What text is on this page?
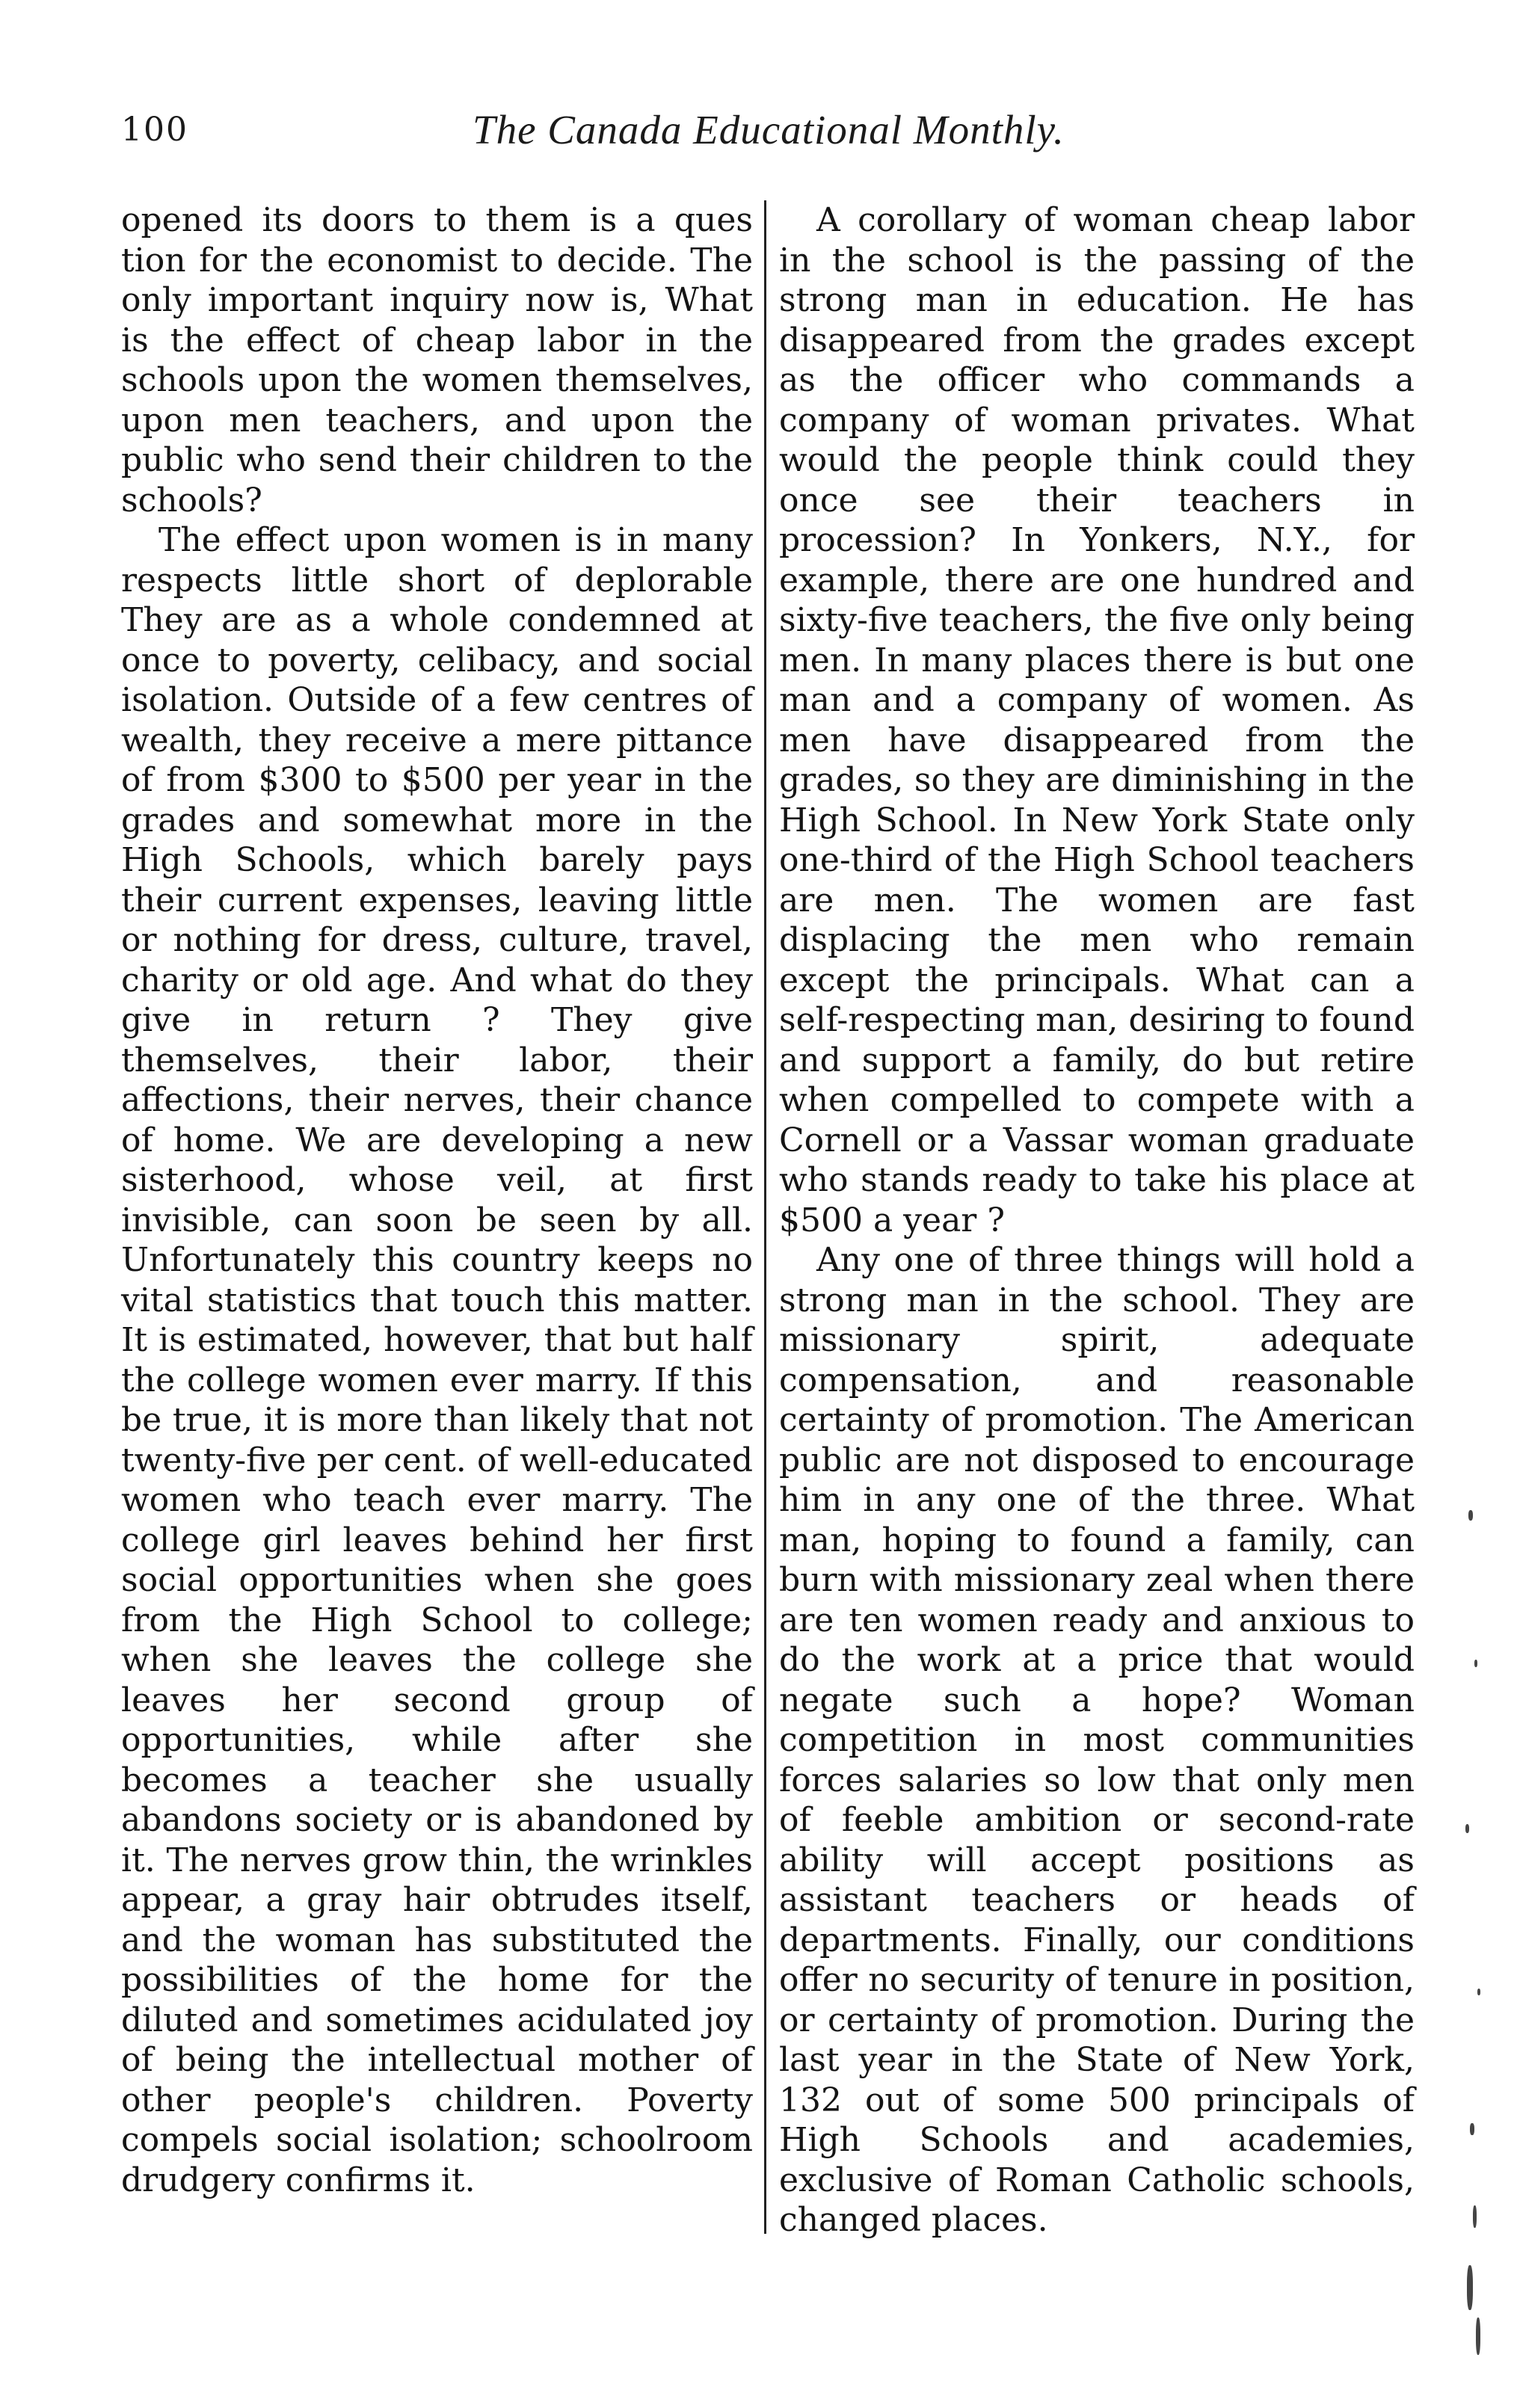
100	The Canada Educational Monthly.

opened its doors to them is a ques tion for the economist to decide. The only important inquiry now is, What is the effect of cheap labor in the schools upon the women themselves, upon men teachers, and upon the public who send their children to the schools?

The effect upon women is in many respects little short of deplorable They are as a whole condemned at once to poverty, celibacy, and social isolation. Outside of a few centres of wealth, they receive a mere pittance of from $300 to $500 per year in the grades and somewhat more in the High Schools, which barely pays their current expenses, leaving little or nothing for dress, culture, travel, charity or old age. And what do they give in return ? They give themselves, their labor, their affections, their nerves, their chance of home. We are developing a new sisterhood, whose veil, at first invisible, can soon be seen by all. Unfortunately this country keeps no vital statistics that touch this matter. It is estimated, however, that but half the college women ever marry. If this be true, it is more than likely that not twenty-five per cent. of well-educated women who teach ever marry. The college girl leaves behind her first social opportunities when she goes from the High School to college; when she leaves the college she leaves her second group of opportunities, while after she becomes a teacher she usually abandons society or is abandoned by it. The nerves grow thin, the wrinkles appear, a gray hair obtrudes itself, and the woman has substituted the possibilities of the home for the diluted and sometimes acidulated joy of being the intellectual mother of other people's children. Poverty compels social isolation; schoolroom drudgery confirms it.

A corollary of woman cheap labor in the school is the passing of the strong man in education. He has disappeared from the grades except as the officer who commands a company of woman privates. What would the people think could they once see their teachers in procession? In Yonkers, N.Y., for example, there are one hundred and sixty-five teachers, the five only being men. In many places there is but one man and a company of women. As men have disappeared from the grades, so they are diminishing in the High School. In New York State only one-third of the High School teachers are men. The women are fast displacing the men who remain except the principals. What can a self-respecting man, desiring to found and support a family, do but retire when compelled to compete with a Cornell or a Vassar woman graduate who stands ready to take his place at $500 a year ?

Any one of three things will hold a strong man in the school. They are missionary spirit, adequate compensation, and reasonable certainty of promotion. The American public are not disposed to encourage him in any one of the three. What man, hoping to found a family, can burn with missionary zeal when there are ten women ready and anxious to do the work at a price that would negate such a hope? Woman competition in most communities forces salaries so low that only men of feeble ambition or second-rate ability will accept positions as assistant teachers or heads of departments. Finally, our conditions offer no security of tenure in position, or certainty of promotion. During the last year in the State of New York, 132 out of some 500 principals of High Schools and academies, exclusive of Roman Catholic schools, changed places.
